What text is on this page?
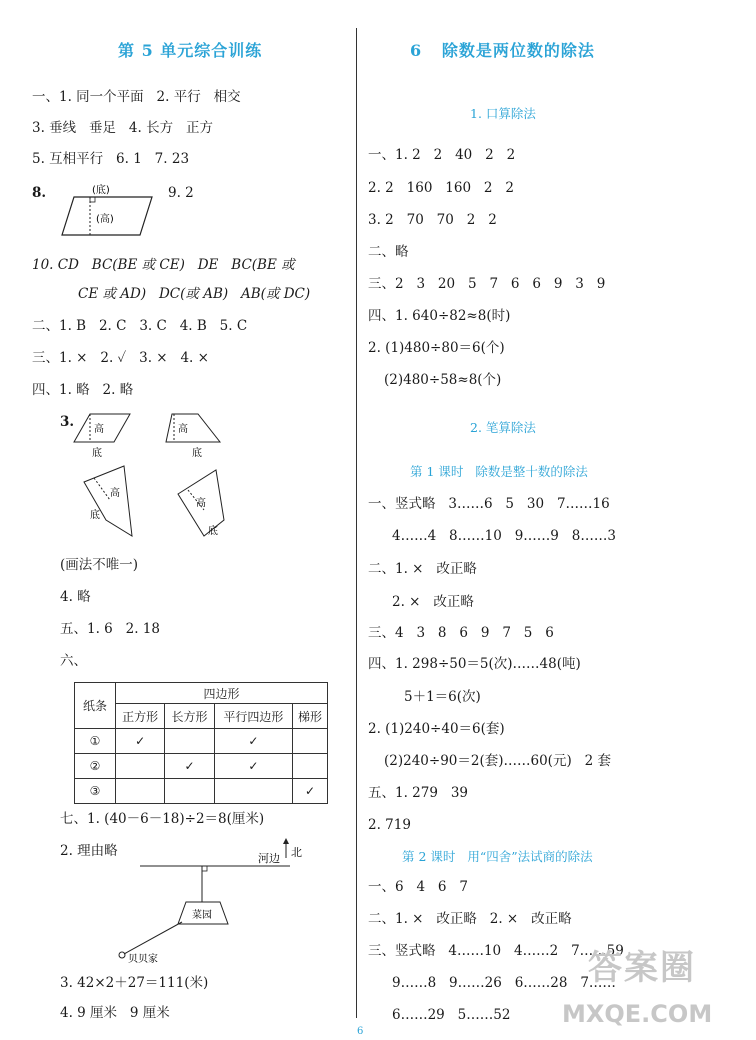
第 5 单元综合训练
一、1. 同一个平面   2. 平行   相交
3. 垂线   垂足   4. 长方   正方
5. 互相平行   6. 1   7. 23
8.	9. 2
(底)
(高)
10. CD   BC(BE 或 CE)   DE   BC(BE 或
CE 或 AD)   DC(或 AB)   AB(或 DC)
二、1. B   2. C   3. C   4. B   5. C
三、1. ×   2. ✓   3. ×   4. ×
四、1. 略   2. 略
3. 高
底
高
底
高
底
高
底
(画法不唯一)
4. 略
五、1. 6   2. 18
六、
纸条	四边形			
	正方形	长方形	平行四边形	梯形
①	✓		✓	
②		✓	✓	
③				✓
七、1. (40－6－18)÷2＝8(厘米)
2. 理由略	北
河边
菜园
贝贝家
3. 42×2＋27＝111(米)
4. 9 厘米   9 厘米
6   除数是两位数的除法
1. 口算除法
一、1. 2   2   40   2   2
2. 2   160   160   2   2
3. 2   70   70   2   2
二、略
三、2   3   20   5   7   6   6   9   3   9
四、1. 640÷82≈8(时)
2. (1)480÷80＝6(个)
(2)480÷58≈8(个)
2. 笔算除法
第 1 课时   除数是整十数的除法
一、竖式略   3……6   5   30   7……16
4……4   8……10   9……9   8……3
二、1. ×   改正略
2. ×   改正略
三、4   3   8   6   9   7   5   6
四、1. 298÷50＝5(次)……48(吨)
5＋1＝6(次)
2. (1)240÷40＝6(套)
(2)240÷90＝2(套)……60(元)   2 套
五、1. 279   39
2. 719
第 2 课时   用“四舍”法试商的除法
一、6   4   6   7
二、1. ×   改正略   2. ×   改正略
三、竖式略   4……10   4……2   7……59
9……8   9……26   6……28   7……
6……29   5……52
6
答案圈
MXQE.COM
